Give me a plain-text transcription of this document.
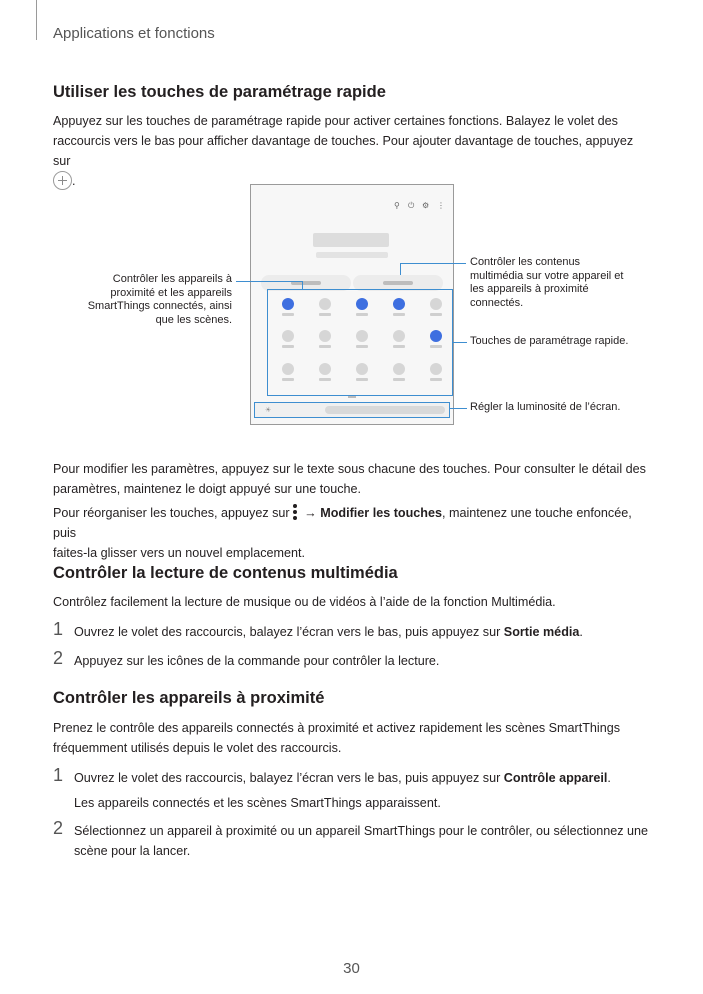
Applications et fonctions
Utiliser les touches de paramétrage rapide
Appuyez sur les touches de paramétrage rapide pour activer certaines fonctions. Balayez le volet des
raccourcis vers le bas pour afficher davantage de touches. Pour ajouter davantage de touches, appuyez sur
.
⚲ ⏻ ⚙ ⋮
☀
Contrôler les appareils à
proximité et les appareils
SmartThings connectés, ainsi
que les scènes.
Contrôler les contenus
multimédia sur votre appareil et
les appareils à proximité
connectés.
Touches de paramétrage rapide.
Régler la luminosité de l’écran.
Pour modifier les paramètres, appuyez sur le texte sous chacune des touches. Pour consulter le détail des
paramètres, maintenez le doigt appuyé sur une touche.
Pour réorganiser les touches, appuyez sur
→ Modifier les touches, maintenez une touche enfoncée, puis
faites-la glisser vers un nouvel emplacement.
Contrôler la lecture de contenus multimédia
Contrôlez facilement la lecture de musique ou de vidéos à l’aide de la fonction Multimédia.
1 Ouvrez le volet des raccourcis, balayez l’écran vers le bas, puis appuyez sur Sortie média.
2 Appuyez sur les icônes de la commande pour contrôler la lecture.
Contrôler les appareils à proximité
Prenez le contrôle des appareils connectés à proximité et activez rapidement les scènes SmartThings
fréquemment utilisés depuis le volet des raccourcis.
1 Ouvrez le volet des raccourcis, balayez l’écran vers le bas, puis appuyez sur Contrôle appareil.
Les appareils connectés et les scènes SmartThings apparaissent.
2 Sélectionnez un appareil à proximité ou un appareil SmartThings pour le contrôler, ou sélectionnez une
scène pour la lancer.
30
